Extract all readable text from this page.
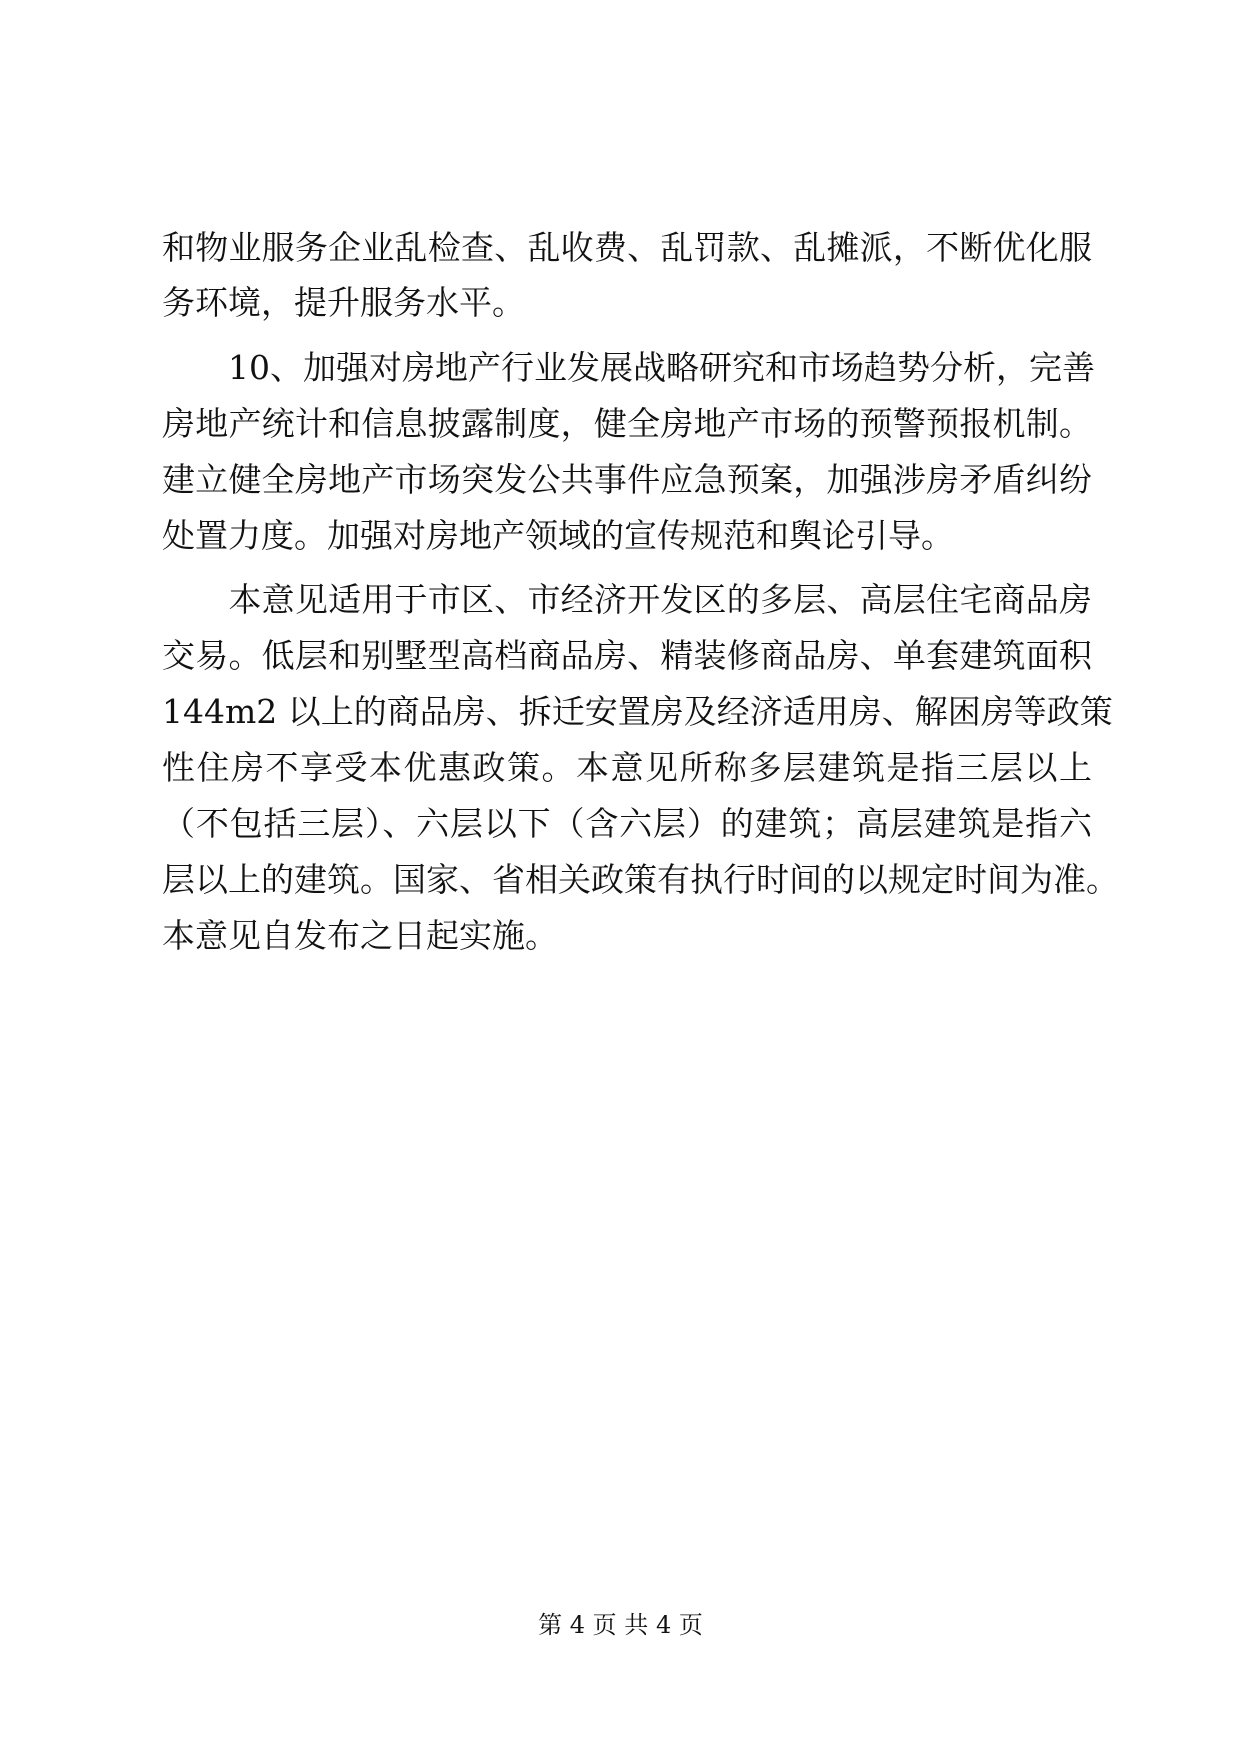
和物业服务企业乱检查、乱收费、乱罚款、乱摊派，不断优化服
务环境，提升服务水平。
　　10、加强对房地产行业发展战略研究和市场趋势分析，完善
房地产统计和信息披露制度，健全房地产市场的预警预报机制。
建立健全房地产市场突发公共事件应急预案，加强涉房矛盾纠纷
处置力度。加强对房地产领域的宣传规范和舆论引导。
　　本意见适用于市区、市经济开发区的多层、高层住宅商品房
交易。低层和别墅型高档商品房、精装修商品房、单套建筑面积
144m2 以上的商品房、拆迁安置房及经济适用房、解困房等政策
性住房不享受本优惠政策。本意见所称多层建筑是指三层以上
（不包括三层）、六层以下（含六层）的建筑；高层建筑是指六
层以上的建筑。国家、省相关政策有执行时间的以规定时间为准。
本意见自发布之日起实施。
第 4 页 共 4 页
